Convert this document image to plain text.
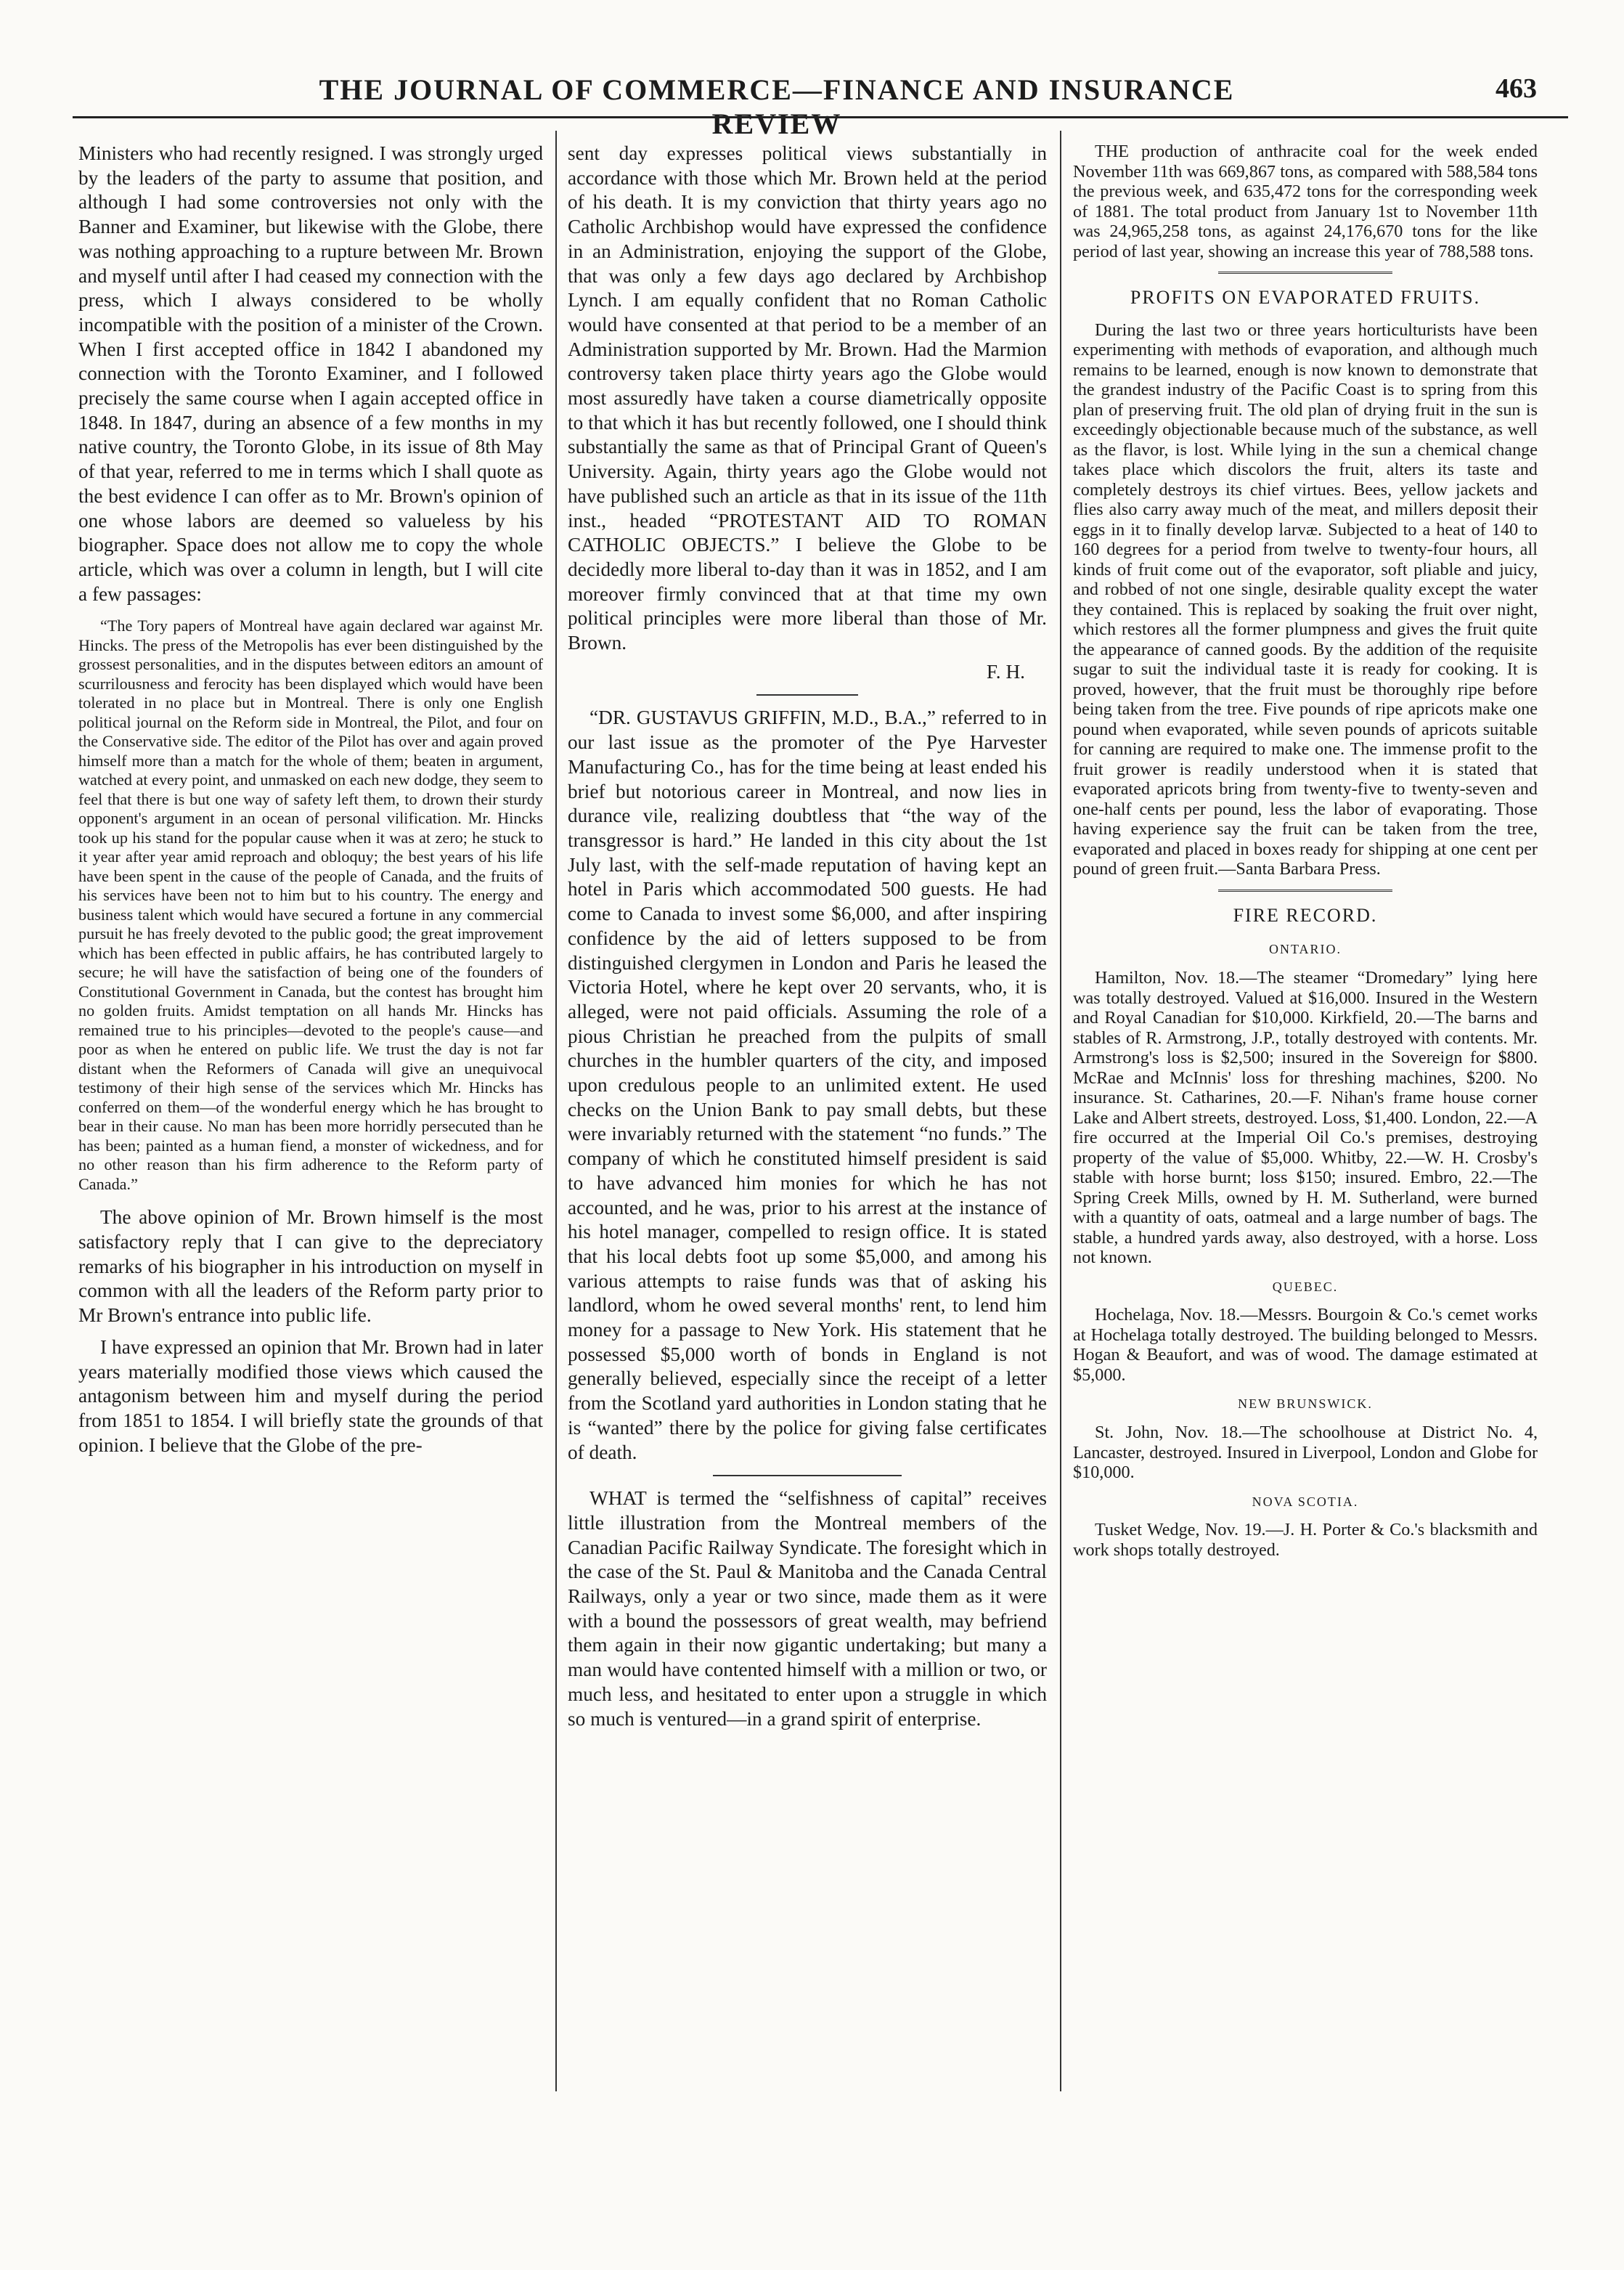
THE JOURNAL OF COMMERCE—FINANCE AND INSURANCE REVIEW
463

Ministers who had recently resigned. I was strongly urged by the leaders of the party to assume that position, and although I had some controversies not only with the Banner and Examiner, but likewise with the Globe, there was nothing approaching to a rupture between Mr. Brown and myself until after I had ceased my connection with the press, which I always considered to be wholly incompatible with the position of a minister of the Crown. When I first accepted office in 1842 I abandoned my connection with the Toronto Examiner, and I followed precisely the same course when I again accepted office in 1848. In 1847, during an absence of a few months in my native country, the Toronto Globe, in its issue of 8th May of that year, referred to me in terms which I shall quote as the best evidence I can offer as to Mr. Brown's opinion of one whose labors are deemed so valueless by his biographer. Space does not allow me to copy the whole article, which was over a column in length, but I will cite a few passages:

“The Tory papers of Montreal have again declared war against Mr. Hincks. The press of the Metropolis has ever been distinguished by the grossest personalities, and in the disputes between editors an amount of scurrilousness and ferocity has been displayed which would have been tolerated in no place but in Montreal. There is only one English political journal on the Reform side in Montreal, the Pilot, and four on the Conservative side. The editor of the Pilot has over and again proved himself more than a match for the whole of them; beaten in argument, watched at every point, and unmasked on each new dodge, they seem to feel that there is but one way of safety left them, to drown their sturdy opponent's argument in an ocean of personal vilification. Mr. Hincks took up his stand for the popular cause when it was at zero; he stuck to it year after year amid reproach and obloquy; the best years of his life have been spent in the cause of the people of Canada, and the fruits of his services have been not to him but to his country. The energy and business talent which would have secured a fortune in any commercial pursuit he has freely devoted to the public good; the great improvement which has been effected in public affairs, he has contributed largely to secure; he will have the satisfaction of being one of the founders of Constitutional Government in Canada, but the contest has brought him no golden fruits. Amidst temptation on all hands Mr. Hincks has remained true to his principles—devoted to the people's cause—and poor as when he entered on public life. We trust the day is not far distant when the Reformers of Canada will give an unequivocal testimony of their high sense of the services which Mr. Hincks has conferred on them—of the wonderful energy which he has brought to bear in their cause. No man has been more horridly persecuted than he has been; painted as a human fiend, a monster of wickedness, and for no other reason than his firm adherence to the Reform party of Canada.”

The above opinion of Mr. Brown himself is the most satisfactory reply that I can give to the depreciatory remarks of his biographer in his introduction on myself in common with all the leaders of the Reform party prior to Mr Brown's entrance into public life.

I have expressed an opinion that Mr. Brown had in later years materially modified those views which caused the antagonism between him and myself during the period from 1851 to 1854. I will briefly state the grounds of that opinion. I believe that the Globe of the pre-

sent day expresses political views substantially in accordance with those which Mr. Brown held at the period of his death. It is my conviction that thirty years ago no Catholic Archbishop would have expressed the confidence in an Administration, enjoying the support of the Globe, that was only a few days ago declared by Archbishop Lynch. I am equally confident that no Roman Catholic would have consented at that period to be a member of an Administration supported by Mr. Brown. Had the Marmion controversy taken place thirty years ago the Globe would most assuredly have taken a course diametrically opposite to that which it has but recently followed, one I should think substantially the same as that of Principal Grant of Queen's University. Again, thirty years ago the Globe would not have published such an article as that in its issue of the 11th inst., headed “PROTESTANT AID TO ROMAN CATHOLIC OBJECTS.” I believe the Globe to be decidedly more liberal to-day than it was in 1852, and I am moreover firmly convinced that at that time my own political principles were more liberal than those of Mr. Brown.

F. H.

“DR. GUSTAVUS GRIFFIN, M.D., B.A.,” referred to in our last issue as the promoter of the Pye Harvester Manufacturing Co., has for the time being at least ended his brief but notorious career in Montreal, and now lies in durance vile, realizing doubtless that “the way of the transgressor is hard.” He landed in this city about the 1st July last, with the self-made reputation of having kept an hotel in Paris which accommodated 500 guests. He had come to Canada to invest some $6,000, and after inspiring confidence by the aid of letters supposed to be from distinguished clergymen in London and Paris he leased the Victoria Hotel, where he kept over 20 servants, who, it is alleged, were not paid officials. Assuming the role of a pious Christian he preached from the pulpits of small churches in the humbler quarters of the city, and imposed upon credulous people to an unlimited extent. He used checks on the Union Bank to pay small debts, but these were invariably returned with the statement “no funds.” The company of which he constituted himself president is said to have advanced him monies for which he has not accounted, and he was, prior to his arrest at the instance of his hotel manager, compelled to resign office. It is stated that his local debts foot up some $5,000, and among his various attempts to raise funds was that of asking his landlord, whom he owed several months' rent, to lend him money for a passage to New York. His statement that he possessed $5,000 worth of bonds in England is not generally believed, especially since the receipt of a letter from the Scotland yard authorities in London stating that he is “wanted” there by the police for giving false certificates of death.

WHAT is termed the “selfishness of capital” receives little illustration from the Montreal members of the Canadian Pacific Railway Syndicate. The foresight which in the case of the St. Paul & Manitoba and the Canada Central Railways, only a year or two since, made them as it were with a bound the possessors of great wealth, may befriend them again in their now gigantic undertaking; but many a man would have contented himself with a million or two, or much less, and hesitated to enter upon a struggle in which so much is ventured—in a grand spirit of enterprise.

THE production of anthracite coal for the week ended November 11th was 669,867 tons, as compared with 588,584 tons the previous week, and 635,472 tons for the corresponding week of 1881. The total product from January 1st to November 11th was 24,965,258 tons, as against 24,176,670 tons for the like period of last year, showing an increase this year of 788,588 tons.

PROFITS ON EVAPORATED FRUITS.

During the last two or three years horticulturists have been experimenting with methods of evaporation, and although much remains to be learned, enough is now known to demonstrate that the grandest industry of the Pacific Coast is to spring from this plan of preserving fruit. The old plan of drying fruit in the sun is exceedingly objectionable because much of the substance, as well as the flavor, is lost. While lying in the sun a chemical change takes place which discolors the fruit, alters its taste and completely destroys its chief virtues. Bees, yellow jackets and flies also carry away much of the meat, and millers deposit their eggs in it to finally develop larvæ. Subjected to a heat of 140 to 160 degrees for a period from twelve to twenty-four hours, all kinds of fruit come out of the evaporator, soft pliable and juicy, and robbed of not one single, desirable quality except the water they contained. This is replaced by soaking the fruit over night, which restores all the former plumpness and gives the fruit quite the appearance of canned goods. By the addition of the requisite sugar to suit the individual taste it is ready for cooking. It is proved, however, that the fruit must be thoroughly ripe before being taken from the tree. Five pounds of ripe apricots make one pound when evaporated, while seven pounds of apricots suitable for canning are required to make one. The immense profit to the fruit grower is readily understood when it is stated that evaporated apricots bring from twenty-five to twenty-seven and one-half cents per pound, less the labor of evaporating. Those having experience say the fruit can be taken from the tree, evaporated and placed in boxes ready for shipping at one cent per pound of green fruit.—Santa Barbara Press.

FIRE RECORD.
ONTARIO.

Hamilton, Nov. 18.—The steamer “Dromedary” lying here was totally destroyed. Valued at $16,000. Insured in the Western and Royal Canadian for $10,000. Kirkfield, 20.—The barns and stables of R. Armstrong, J.P., totally destroyed with contents. Mr. Armstrong's loss is $2,500; insured in the Sovereign for $800. McRae and McInnis' loss for threshing machines, $200. No insurance. St. Catharines, 20.—F. Nihan's frame house corner Lake and Albert streets, destroyed. Loss, $1,400. London, 22.—A fire occurred at the Imperial Oil Co.'s premises, destroying property of the value of $5,000. Whitby, 22.—W. H. Crosby's stable with horse burnt; loss $150; insured. Embro, 22.—The Spring Creek Mills, owned by H. M. Sutherland, were burned with a quantity of oats, oatmeal and a large number of bags. The stable, a hundred yards away, also destroyed, with a horse. Loss not known.

QUEBEC.

Hochelaga, Nov. 18.—Messrs. Bourgoin & Co.'s cemet works at Hochelaga totally destroyed. The building belonged to Messrs. Hogan & Beaufort, and was of wood. The damage estimated at $5,000.

NEW BRUNSWICK.

St. John, Nov. 18.—The schoolhouse at District No. 4, Lancaster, destroyed. Insured in Liverpool, London and Globe for $10,000.

NOVA SCOTIA.

Tusket Wedge, Nov. 19.—J. H. Porter & Co.'s blacksmith and work shops totally destroyed.
